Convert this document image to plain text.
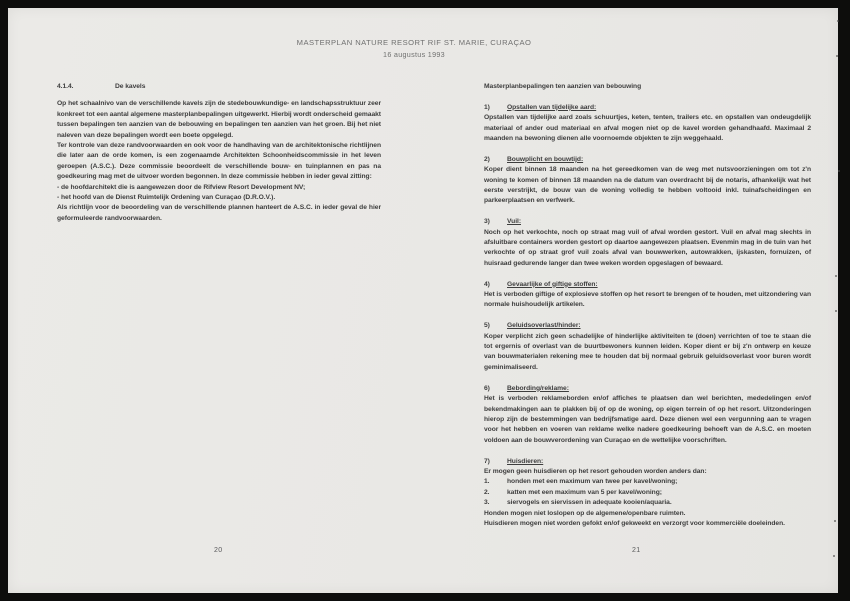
MASTERPLAN NATURE RESORT RIF ST. MARIE, CURAÇAO
16 augustus 1993
4.1.4.	De kavels

Op het schaalnivo van de verschillende kavels zijn de stedebouwkundige- en landschapsstruktuur zeer konkreet tot een aantal algemene masterplanbepalingen uitgewerkt. Hierbij wordt onderscheid gemaakt tussen bepalingen ten aanzien van de bebouwing en bepalingen ten aanzien van het groen. Bij het niet naleven van deze bepalingen wordt een boete opgelegd.

Ter kontrole van deze randvoorwaarden en ook voor de handhaving van de architektonische richtlijnen die later aan de orde komen, is een zogenaamde Architekten Schoonheidscommissie in het leven geroepen (A.S.C.). Deze commissie beoordeelt de verschillende bouw- en tuinplannen en pas na goedkeuring mag met de uitvoer worden begonnen. In deze commissie hebben in ieder geval zitting:

- de hoofdarchitekt die is aangewezen door de Rifview Resort Development NV;
- het hoofd van de Dienst Ruimtelijk Ordening van Curaçao (D.R.O.V.).

Als richtlijn voor de beoordeling van de verschillende plannen hanteert de A.S.C. in ieder geval de hier geformuleerde randvoorwaarden.

Masterplanbepalingen ten aanzien van bebouwing
1)	Opstallen van tijdelijke aard:

Opstallen van tijdelijke aard zoals schuurtjes, keten, tenten, trailers etc. en opstallen van ondeugdelijk materiaal of ander oud materiaal en afval mogen niet op de kavel worden gehandhaafd. Maximaal 2 maanden na bewoning dienen alle voornoemde objekten te zijn weggehaald.

2)	Bouwplicht en bouwtijd:

Koper dient binnen 18 maanden na het gereedkomen van de weg met nutsvoorzieningen om tot z'n woning te komen of binnen 18 maanden na de datum van overdracht bij de notaris, afhankelijk wat het eerste verstrijkt, de bouw van de woning volledig te hebben voltooid inkl. tuinafscheidingen en parkeerplaatsen en verfwerk.

3)	Vuil:

Noch op het verkochte, noch op straat mag vuil of afval worden gestort. Vuil en afval mag slechts in afsluitbare containers worden gestort op daartoe aangewezen plaatsen. Evenmin mag in de tuin van het verkochte of op straat grof vuil zoals afval van bouwwerken, autowrakken, ijskasten, fornuizen, of huisraad gedurende langer dan twee weken worden opgeslagen of bewaard.

4)	Gevaarlijke of giftige stoffen:

Het is verboden giftige of explosieve stoffen op het resort te brengen of te houden, met uitzondering van normale huishoudelijk artikelen.

5)	Geluidsoverlast/hinder:

Koper verplicht zich geen schadelijke of hinderlijke aktiviteiten te (doen) verrichten of toe te staan die tot ergernis of overlast van de buurtbewoners kunnen leiden. Koper dient er bij z'n ontwerp en keuze van bouwmaterialen rekening mee te houden dat bij normaal gebruik geluidsoverlast voor buren wordt geminimaliseerd.

6)	Bebording/reklame:

Het is verboden reklameborden en/of affiches te plaatsen dan wel berichten, mededelingen en/of bekendmakingen aan te plakken bij of op de woning, op eigen terrein of op het resort. Uitzonderingen hierop zijn de bestemmingen van bedrijfsmatige aard. Deze dienen wel een vergunning aan te vragen voor het hebben en voeren van reklame welke nadere goedkeuring behoeft van de A.S.C. en moeten voldoen aan de bouwverordening van Curaçao en de wettelijke voorschriften.

7)	Huisdieren:

Er mogen geen huisdieren op het resort gehouden worden anders dan:

1.	honden met een maximum van twee per kavel/woning;
2.	katten met een maximum van 5 per kavel/woning;
3.	siervogels en siervissen in adequate kooien/aquaria.

Honden mogen niet loslopen op de algemene/openbare ruimten.

Huisdieren mogen niet worden gefokt en/of gekweekt en verzorgt voor kommerciële doeleinden.

20	21
